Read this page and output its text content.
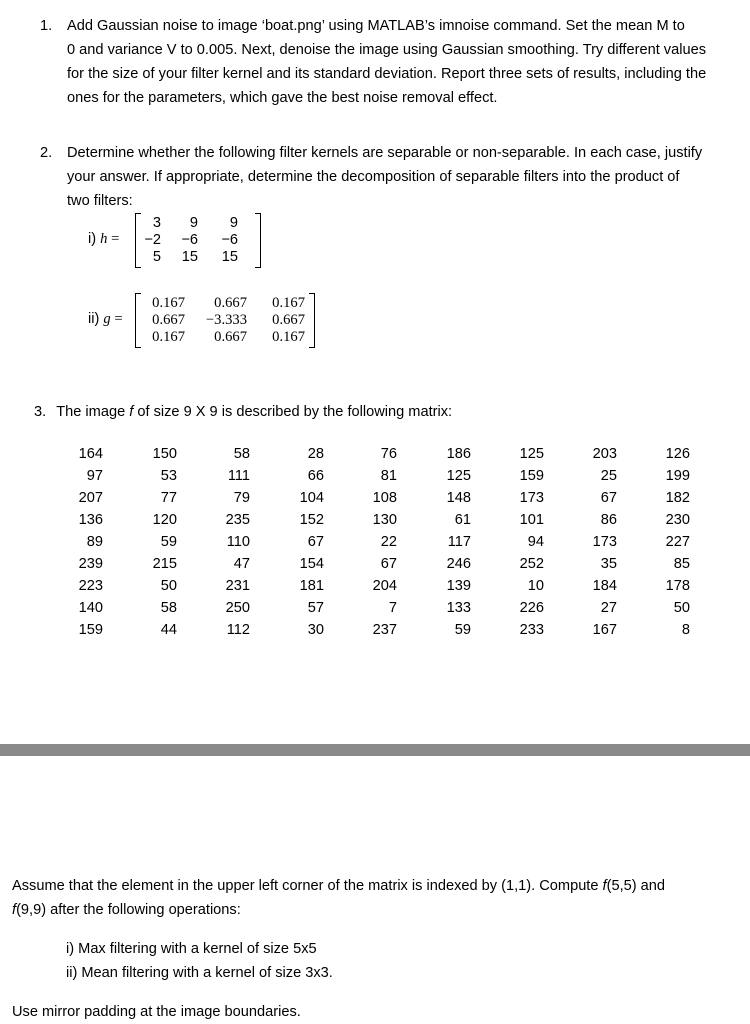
1. Add Gaussian noise to image ‘boat.png’ using MATLAB’s imnoise command. Set the mean M to
0 and variance V to 0.005. Next, denoise the image using Gaussian smoothing. Try different values
for the size of your filter kernel and its standard deviation. Report three sets of results, including the
ones for the parameters, which gave the best noise removal effect.
2. Determine whether the following filter kernels are separable or non-separable. In each case, justify
your answer. If appropriate, determine the decomposition of separable filters into the product of
two filters:
i) h =
3	9	9
−2	−6	−6
5	15	15
ii) g =
0.167	0.667	0.167
0.667	−3.333	0.667
0.167	0.667	0.167
3. The image f of size 9 X 9 is described by the following matrix:
164	150	58	28	76	186	125	203	126
97	53	111	66	81	125	159	25	199
207	77	79	104	108	148	173	67	182
136	120	235	152	130	61	101	86	230
89	59	110	67	22	117	94	173	227
239	215	47	154	67	246	252	35	85
223	50	231	181	204	139	10	184	178
140	58	250	57	7	133	226	27	50
159	44	112	30	237	59	233	167	8
Assume that the element in the upper left corner of the matrix is indexed by (1,1). Compute f(5,5) and
f(9,9) after the following operations:
i) Max filtering with a kernel of size 5x5
ii) Mean filtering with a kernel of size 3x3.
Use mirror padding at the image boundaries.
